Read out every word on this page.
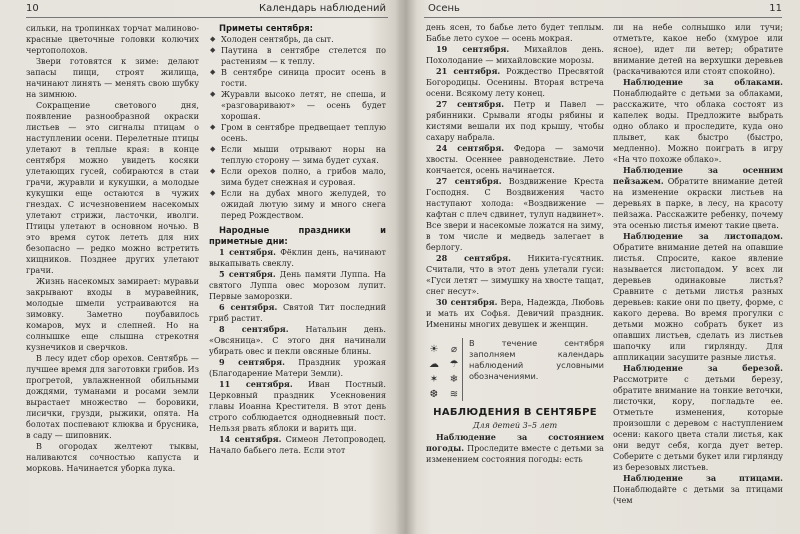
10	Календарь наблюдений	Осень	11

сильки, на тропинках торчат малиново-красные цветочные головки колючих чертополохов.

Звери готовятся к зиме: делают запасы пищи, строят жилища, начинают линять — менять свою шубку на зимнюю.

Сокращение светового дня, появление разнообразной окраски листьев — это сигналы птицам о наступлении осени. Перелетные птицы улетают в теплые края: в конце сентября можно увидеть косяки улетающих гусей, собираются в стаи грачи, журавли и кукушки, а молодые кукушки еще остаются в чужих гнездах. С исчезновением насекомых улетают стрижи, ласточки, иволги. Птицы улетают в основном ночью. В это время суток лететь для них безопасно — редко можно встретить хищников. Позднее других улетают грачи.

Жизнь насекомых замирает: муравьи закрывают входы в муравейник, молодые шмели устраиваются на зимовку. Заметно поубавилось комаров, мух и слепней. Но на солнышке еще слышна стрекотня кузнечиков и сверчков.

В лесу идет сбор орехов. Сентябрь — лучшее время для заготовки грибов. Из прогретой, увлажненной обильными дождями, туманами и росами земли вырастает множество — боровики, лисички, грузди, рыжики, опята. На болотах поспевают клюква и брусника, в саду — шиповник.

В огородах желтеют тыквы, наливаются сочностью капуста и морковь. Начинается уборка лука.

Приметы сентября:
◆ Холоден сентябрь, да сыт.
◆ Паутина в сентябре стелется по растениям — к теплу.
◆ В сентябре синица просит осень в гости.
◆ Журавли высоко летят, не спеша, и «разговаривают» — осень будет хорошая.
◆ Гром в сентябре предвещает теплую осень.
◆ Если мыши отрывают норы на теплую сторону — зима будет сухая.
◆ Если орехов полно, а грибов мало, зима будет снежная и суровая.
◆ Если на дубах много желудей, то ожидай лютую зиму и много снега перед Рождеством.
Народные праздники и приметные дни:

1 сентября. Фёклин день, начинают выкапывать свеклу.

5 сентября. День памяти Луппа. На святого Луппа овес морозом лупит. Первые заморозки.

6 сентября. Святой Тит последний гриб растит.

8 сентября. Натальин день. «Овсяница». С этого дня начинали убирать овес и пекли овсяные блины.

9 сентября. Праздник урожая (Благодарение Матери Земли).

11 сентября. Иван Постный. Церковный праздник Усекновения главы Иоанна Крестителя. В этот день строго соблюдается однодневный пост. Нельзя рвать яблоки и варить щи.

14 сентября. Симеон Летопроводец. Начало бабьего лета. Если этот

день ясен, то бабье лето будет теплым. Бабье лето сухое — осень мокрая.

19 сентября. Михайлов день. Похолодание — михайловские морозы.

21 сентября. Рождество Пресвятой Богородицы. Осенины. Вторая встреча осени. Всякому лету конец.

27 сентября. Петр и Павел — рябинники. Срывали ягоды рябины и кистями вешали их под крышу, чтобы сахару набрала.

24 сентября. Федора — замочи хвосты. Осеннее равноденствие. Лето кончается, осень начинается.

27 сентября. Воздвижение Креста Господня. С Воздвижения часто наступают холода: «Воздвижение — кафтан с плеч сдвинет, тулуп надвинет». Все звери и насекомые ложатся на зиму, в том числе и медведь залегает в берлогу.

28 сентября. Никита-гусятник. Считали, что в этот день улетали гуси: «Гуси летят — зимушку на хвосте тащат, снег несут».

30 сентября. Вера, Надежда, Любовь и мать их Софья. Девичий праздник. Именины многих девушек и женщин.

☀	⌀
☁	☂
✶	❄
❆	≋
В течение сентября заполняем календарь наблюдений условными обозначениями.
НАБЛЮДЕНИЯ В СЕНТЯБРЕ
Для детей 3–5 лет

Наблюдение за состоянием погоды. Проследите вместе с детьми за изменением состояния погоды: есть

ли на небе солнышко или тучи; отметьте, какое небо (хмурое или ясное), идет ли ветер; обратите внимание детей на верхушки деревьев (раскачиваются или стоят спокойно).

Наблюдение за облаками. Понаблюдайте с детьми за облаками, расскажите, что облака состоят из капелек воды. Предложите выбрать одно облако и проследите, куда оно плывет, как быстро (быстро, медленно). Можно поиграть в игру «На что похоже облако».

Наблюдение за осенним пейзажем. Обратите внимание детей на изменение окраски листьев на деревьях в парке, в лесу, на красоту пейзажа. Расскажите ребенку, почему эта осенью листья имеют такие цвета.

Наблюдение за листопадом. Обратите внимание детей на опавшие листья. Спросите, какое явление называется листопадом. У всех ли деревьев одинаковые листья? Сравните с детьми листья разных деревьев: какие они по цвету, форме, с какого дерева. Во время прогулки с детьми можно собрать букет из опавших листьев, сделать из листьев шапочку или гирлянду. Для аппликации засушите разные листья.

Наблюдение за березой. Рассмотрите с детьми березу, обратите внимание на тонкие веточки, листочки, кору, погладьте ее. Отметьте изменения, которые произошли с деревом с наступлением осени: какого цвета стали листья, как они ведут себя, когда дует ветер. Соберите с детьми букет или гирлянду из березовых листьев.

Наблюдение за птицами. Понаблюдайте с детьми за птицами (чем
